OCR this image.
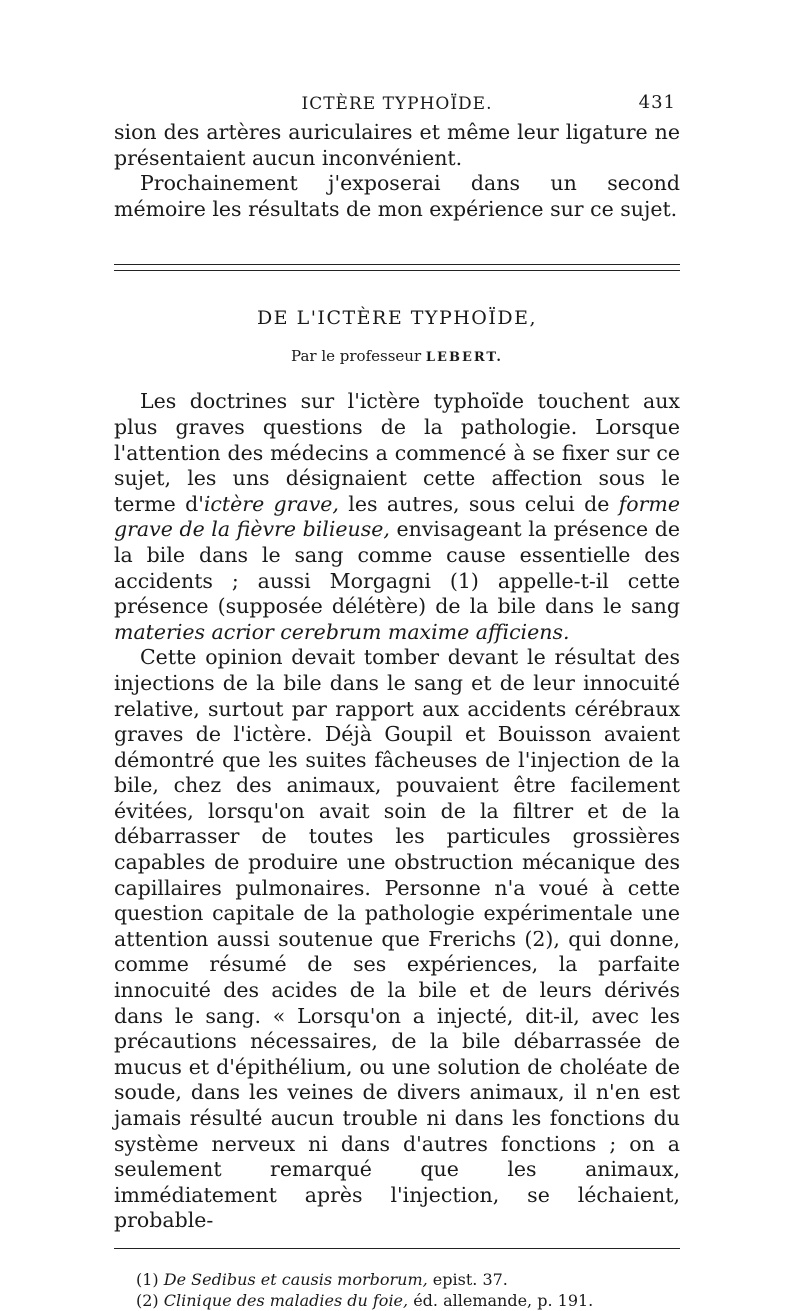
ICTÈRE TYPHOÏDE.	431

sion des artères auriculaires et même leur ligature ne présentaient aucun inconvénient.

Prochainement j'exposerai dans un second mémoire les résultats de mon expérience sur ce sujet.

DE L'ICTÈRE TYPHOÏDE,
Par le professeur LEBERT.

Les doctrines sur l'ictère typhoïde touchent aux plus graves questions de la pathologie. Lorsque l'attention des médecins a commencé à se fixer sur ce sujet, les uns désignaient cette affection sous le terme d'ictère grave, les autres, sous celui de forme grave de la fièvre bilieuse, envisageant la présence de la bile dans le sang comme cause essentielle des accidents ; aussi Morgagni (1) appelle-t-il cette présence (supposée délétère) de la bile dans le sang materies acrior cerebrum maxime afficiens.

Cette opinion devait tomber devant le résultat des injections de la bile dans le sang et de leur innocuité relative, surtout par rapport aux accidents cérébraux graves de l'ictère. Déjà Goupil et Bouisson avaient démontré que les suites fâcheuses de l'injection de la bile, chez des animaux, pouvaient être facilement évitées, lorsqu'on avait soin de la filtrer et de la débarrasser de toutes les particules grossières capables de produire une obstruction mécanique des capillaires pulmonaires. Personne n'a voué à cette question capitale de la pathologie expérimentale une attention aussi soutenue que Frerichs (2), qui donne, comme résumé de ses expériences, la parfaite innocuité des acides de la bile et de leurs dérivés dans le sang. « Lorsqu'on a injecté, dit-il, avec les précautions nécessaires, de la bile débarrassée de mucus et d'épithélium, ou une solution de choléate de soude, dans les veines de divers animaux, il n'en est jamais résulté aucun trouble ni dans les fonctions du système nerveux ni dans d'autres fonctions ; on a seulement remarqué que les animaux, immédiatement après l'injection, se léchaient, probable-

(1) De Sedibus et causis morborum, epist. 37.
(2) Clinique des maladies du foie, éd. allemande, p. 191.
